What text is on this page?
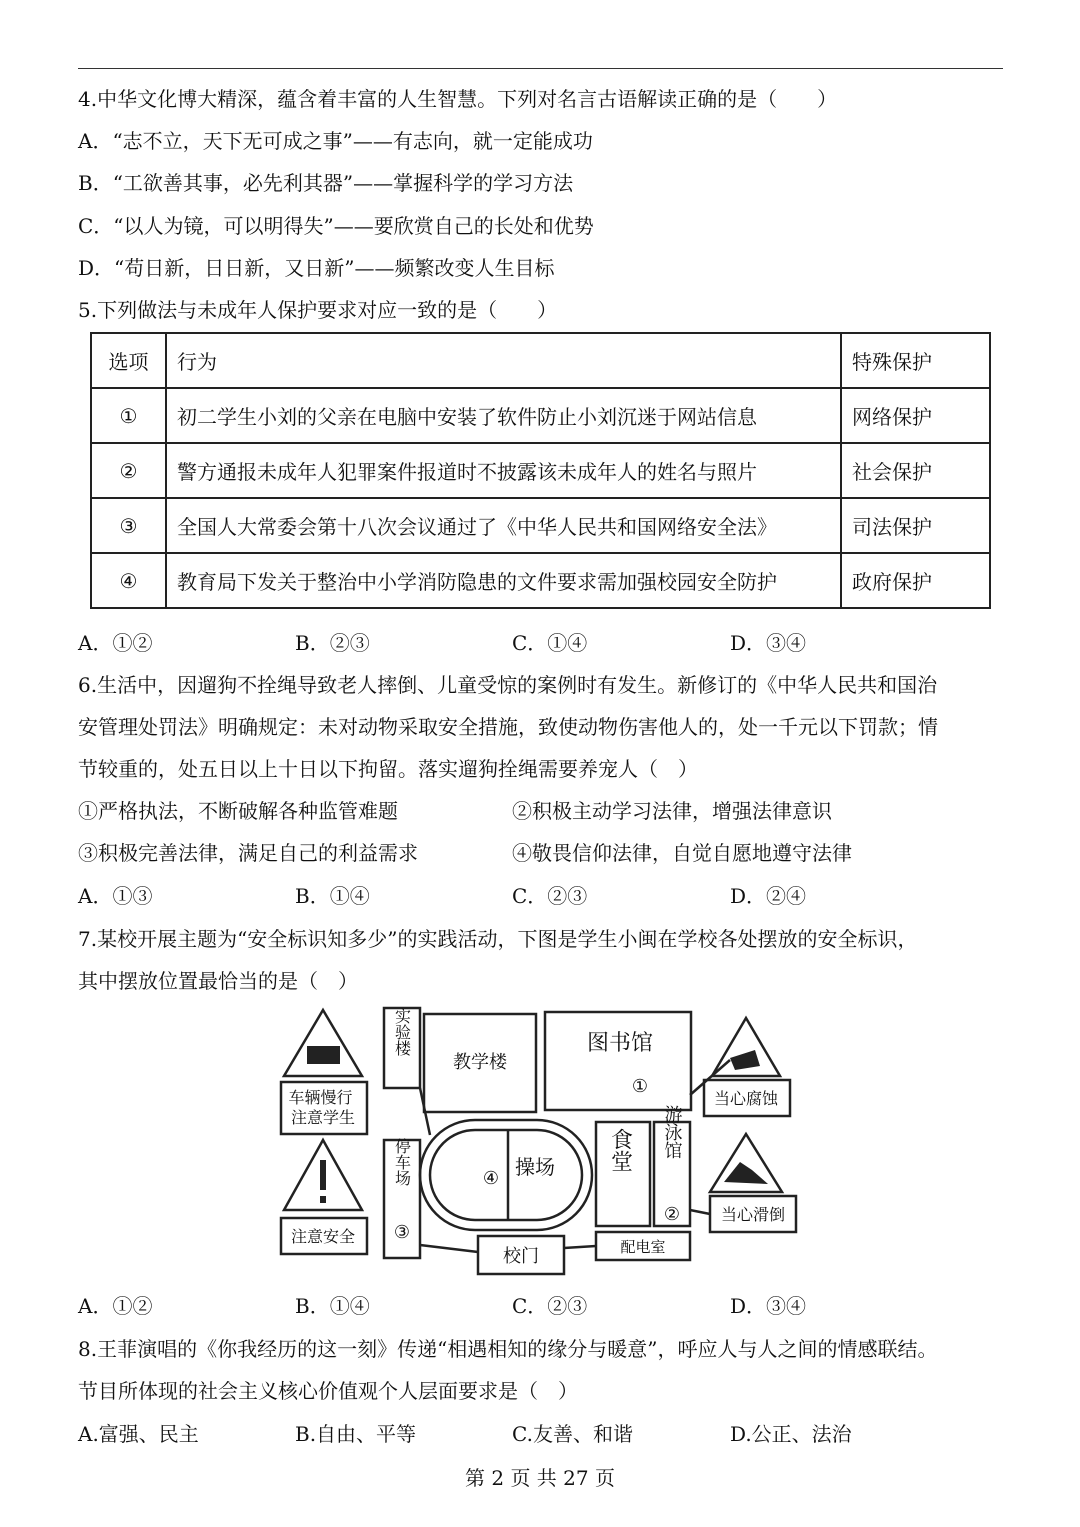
4.中华文化博大精深，蕴含着丰富的人生智慧。下列对名言古语解读正确的是（　　）
A．“志不立，天下无可成之事”——有志向，就一定能成功
B．“工欲善其事，必先利其器”——掌握科学的学习方法
C．“以人为镜，可以明得失”——要欣赏自己的长处和优势
D．“苟日新，日日新，又日新”——频繁改变人生目标
5.下列做法与未成年人保护要求对应一致的是（　　）
选项	行为	特殊保护
①	初二学生小刘的父亲在电脑中安装了软件防止小刘沉迷于网站信息	网络保护
②	警方通报未成年人犯罪案件报道时不披露该未成年人的姓名与照片	社会保护
③	全国人大常委会第十八次会议通过了《中华人民共和国网络安全法》	司法保护
④	教育局下发关于整治中小学消防隐患的文件要求需加强校园安全防护	政府保护
A．①②	B．②③	C．①④	D．③④
6.生活中，因遛狗不拴绳导致老人摔倒、儿童受惊的案例时有发生。新修订的《中华人民共和国治
安管理处罚法》明确规定：未对动物采取安全措施，致使动物伤害他人的，处一千元以下罚款；情
节较重的，处五日以上十日以下拘留。落实遛狗拴绳需要养宠人（　）
①严格执法，不断破解各种监管难题	②积极主动学习法律，增强法律意识
③积极完善法律，满足自己的利益需求	④敬畏信仰法律，自觉自愿地遵守法律
A．①③	B．①④	C．②③	D．②④
7.某校开展主题为“安全标识知多少”的实践活动，下图是学生小闽在学校各处摆放的安全标识，
其中摆放位置最恰当的是（　）
车辆慢行 注意学生
注意安全
当心腐蚀
当心滑倒
实验楼
教学楼
图书馆
①
停车场
③
操场
④
食堂 游泳馆
②
校门	配电室
A．①②	B．①④	C．②③	D．③④
8.王菲演唱的《你我经历的这一刻》传递“相遇相知的缘分与暖意”，呼应人与人之间的情感联结。
节目所体现的社会主义核心价值观个人层面要求是（　）
A.富强、民主	B.自由、平等	C.友善、和谐	D.公正、法治
第 2 页 共 27 页
